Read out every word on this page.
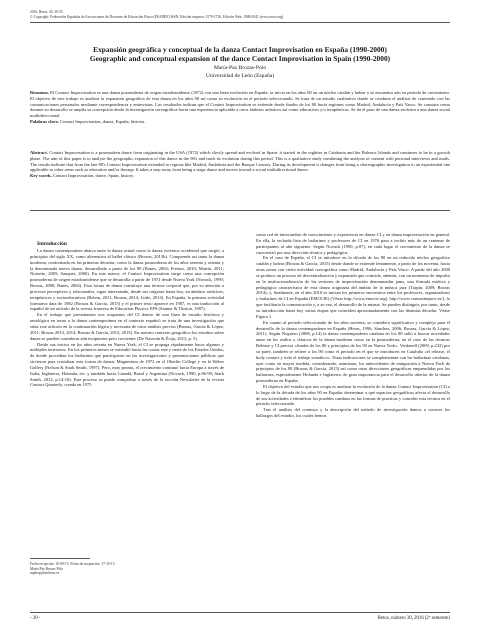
2016, Retos, 30, 30-35
© Copyright: Federación Española de Asociaciones de Docentes de Educación Física (FEADEF) ISSN: Edición impresa: 1579-1726. Edición Web: 1988-2041 (www.retos.org)
Expansión geográfica y conceptual de la danza Contact Improvisation en España (1990-2000)
Geographic and conceptual expansion of the dance Contact Improvisation in Spain (1990-2000)
María-Paz Brozas-Polo
Universidad de León (España)
Resumen. El Contact Improvisation es una danza posmoderna de origen estadounidense (1972) con una lenta evolución en España: se inicia en los años 80 en un núcleo catalán y balear y se encuentra aún en periodo de crecimiento. El objetivo de este trabajo es analizar la expansión geográfica de esta danza en los años 90 así como su evolución en el periodo seleccionado. Se trata de un estudio cualitativo donde se combina el análisis de contenido con las comunicaciones personales mediante correspondencia y entrevistas. Los resultados indican que el Contact Improvisation se extiende desde finales de los 80 hacia regiones como Madrid, Andalucía y País Vasco. Se constata como durante su desarrollo se amplía su concepción desde la investigación coreográfica hacia una experiencia aplicable a otros ámbitos artísticos así como educativos y/o terapéuticos. Se da el paso de una danza escénica a una danza social multidireccional.
Palabras clave. Contact Improvisation, danza, España, historia.
Abstract. Contact Improvisation is a postmodern dance form originating in the USA (1972) which slowly spread and evolved in Spain: it started in the eighties in Catalonia and the Balearic Islands and continues to be in a growth phase. The aim of this paper is to analyse the geographic expansion of this dance in the 90's and track its evolution during this period. This is a qualitative study combining the analysis of content with personal interviews and mails. The results indicate that from the late 80's Contact Improvisation extended to regions like Madrid, Andalusia and the Basque Country. During its development it changes from being a choreographic investigation to an experiential one applicable to other areas such as education and/or therapy. It takes a step away from being a stage dance and moves toward a social multidirectional dance.
Key words. Contact Improvisation, dance, Spain, history.

Introducción

La danza contemporánea abarca tanto la danza actual como la danza escénica occidental que surgió, a principios del siglo XX, como alternativa al ballet clásico (Brozas, 2013b). Comprende así tanto la danza moderna, conformada en las primeras décadas, como la danza posmoderna de los años sesenta y setenta y la denominada nueva danza, desarrollada a partir de los 80 (Banes, 2002; Fréraut, 2010; Martín, 2011; Noisette, 2005; Sauquet, 2006). En este marco, el Contact Improvisation surge como una concepción posmoderna de origen estadounidense que se desarrolla a partir de 1972 desde Nueva York (Novack, 1990; Brozas, 2000; Banes, 2002). Esta forma de danza constituye una técnica corporal que, por su atención a procesos perceptivos y relacionales, sigue interesando, desde sus orígenes hasta hoy, en ámbitos artísticos, terapéuticos y socioeducativos (Belem, 2011; Brozas, 2014; Little, 2014). En España, la primera actividad formativa data de 1982 (Brozas & García, 2015) y el primer texto aparece en 1987, es una traducción al español de un artículo de la revista francesa de Education Physica EPS (Siamer & Thirion, 1987).

En el trabajo que presentamos nos ocupamos del CI dentro de una línea de estudio histórica y ontológica en torno a la danza contemporánea en el contexto español; se trata de una investigación que sitúa este artículo en la continuación lógica y necesaria de otros análisis previos (Brozas, García & López, 2011; Brozas 2013, 2014; Brozas & García, 2013, 2015). En nuestro contexto geográfico los estudios sobre danza se pueden considerar aún incipientes pero crecientes (De Naverán & Écija, 2013, p. 5).

Desde sus inicios en los años setenta en Nueva York, el CI se propaga rápidamente hacia algunos y múltiples territorios. En los primeros meses se extendió hacia las costas este y oeste de los Estados Unidos, de donde procedían los bailarines que participaron en las investigaciones y presentaciones públicas que sirvieron para cristalizar esta forma de danza: Magnesium de 1972 en el Oberlin College y en la Weber Gallery (Nelson & Stark Smith, 1997). Pero, muy pronto, el crecimiento continuó hacia Europa a través de Italia, Inglaterra, Holanda, etc. y también hacia Canadá, Brasil y Argentina (Novack, 1990, p.86-99; Stark Smith, 2012, p.14-16). Este proceso se puede comprobar a través de la sección Newsletter de la revista Contact Quarterly, creada en 1975

Fecha recepción: 16-09-15. Fecha de aceptación: 17-10-15
María Paz Brozas Polo
mpbrop@unileon.es

como red de intercambio de conocimiento y experiencia en danza CI y en danza improvisación en general. En ella, la recluida lista de bailarines y profesores de CI en 1976 pasa a incluir más de un centenar de participantes al año siguiente. Según Novack (1990, p.87), en cada lugar el crecimiento de la danza se caracterizó por una dirección técnica y pedagógica.

En el caso de España, el CI se introduce en la década de los 80 en un reducido núcleo geográfico catalán y balear (Brozas & García, 2015) desde donde se extiende lentamente, a partir de los noventa, hacia otras zonas con cierta actividad coreográfica como Madrid, Andalucía y País Vasco. A partir del año 2000 se produce un proceso de descentralización y expansión que coincide, además, con un momento de impulso en la institucionalización de las sesiones de improvisación denominadas jams, una fórmula estética y pedagógica característica de esta danza originaria del ámbito de la música jazz (Turpin, 2009; Brozas 2014); y, finalmente, en el año 2010 se inician los primeros encuentros entre los profesores, organizadores y bailarines de CI en España (EMOCIE) (Véase http://www.emocie.org). http://www.contactimprov.es/), lo que facilitaría la comunicación y, a su vez, el desarrollo de la misma. Se pueden distinguir, por tanto, desde su introducción hasta hoy varias etapas que coinciden aproximadamente con las distintas décadas. Véase Figura 1.

En cuanto al periodo seleccionado de los años noventa, se considera significativo y complejo para el desarrollo de la danza contemporánea en España (Heras, 1996; Sánchez, 2006; Brozas, García & López, 2011). Según Noguero (2008, p.14) la danza contemporánea catalana en los 80 salió a buscar novedades tanto en los estilos y clásicos de la danza moderna como en la posmoderna; en el caso de las técnicas Release y CI precisa «finales de los 80 y principios de los 90 en Nueva York». Verdenell (2009, p.232) por su parte, también se refiere a los 90 como el periodo en el que se introducen en Cataluña «el release, el body contact y todo el trabajo somático». Estas indicaciones se complementan con las bailarinas catalanas, ayer como en mayor medida, considerando, asimismo, los antecedentes de emigración a Nueva York de principios de los 80 (Brozas & García, 2015) así como otras direcciones geográficas emprendidas por los bailarines, especialmente Holanda e Inglaterra, de gran importancia para el desarrollo ulterior de la danza posmoderna en España.

El objetivo del estudio que nos ocupa es analizar la evolución de la danza Contact Improvisation (CI) a lo largo de la década de los años 90 en España: determinar a qué espacios geográficos afecta el desarrollo de sus actividades e identificar los posibles cambios en las formas de practicar y concebir esta técnica en el periodo seleccionado.

Tras el análisis del contexto y la descripción del método de investigación damos a conocer los hallazgos del estudio, los cuales hemos

- 30 -	Retos, número 30, 2016 (2º semestre)
